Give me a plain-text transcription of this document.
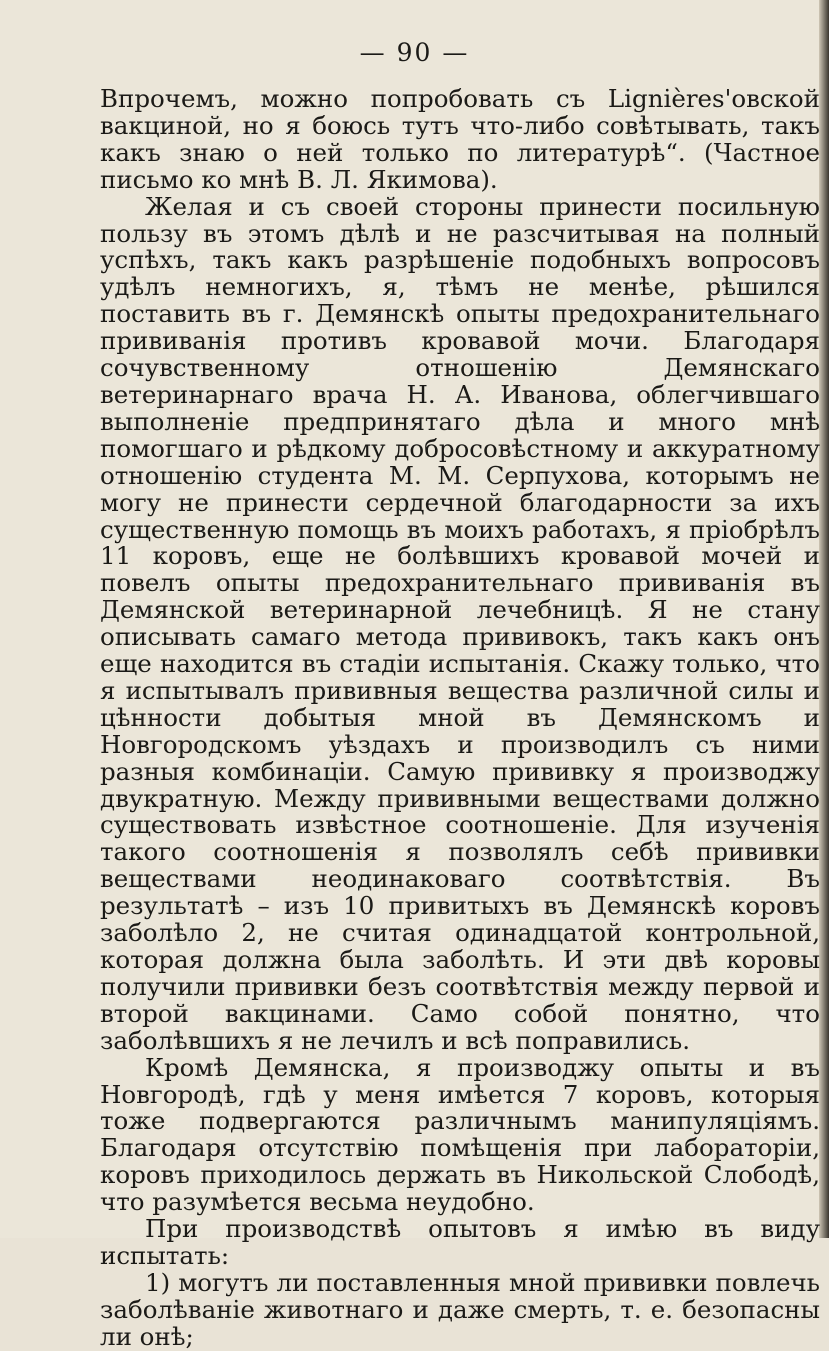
— 90 —

Впрочемъ, можно попробовать съ Lignières'овской вакциной, но я боюсь тутъ что-либо совѣтывать, такъ какъ знаю о ней только по литературѣ“. (Частное письмо ко мнѣ В. Л. Якимова).

Желая и съ своей стороны принести посильную пользу въ этомъ дѣлѣ и не разсчитывая на полный успѣхъ, такъ какъ разрѣшеніе подобныхъ вопросовъ удѣлъ немногихъ, я, тѣмъ не менѣе, рѣшился поставить въ г. Демянскѣ опыты предохранительнаго прививанія противъ кровавой мочи. Благодаря сочувственному отношенію Демянскаго ветеринарнаго врача Н. А. Иванова, облегчившаго выполненіе предпринятаго дѣла и много мнѣ помогшаго и рѣдкому добросовѣстному и аккуратному отношенію студента М. М. Серпухова, которымъ не могу не принести сердечной благодарности за ихъ существенную помощь въ моихъ работахъ, я пріобрѣлъ 11 коровъ, еще не болѣвшихъ кровавой мочей и повелъ опыты предохранительнаго прививанія въ Демянской ветеринарной лечебницѣ. Я не стану описывать самаго метода прививокъ, такъ какъ онъ еще находится въ стадіи испытанія. Скажу только, что я испытывалъ прививныя вещества различной силы и цѣнности добытыя мной въ Демянскомъ и Новгородскомъ уѣздахъ и производилъ съ ними разныя комбинаціи. Самую прививку я производжу двукратную. Между прививными веществами должно существовать извѣстное соотношеніе. Для изученія такого соотношенія я позволялъ себѣ прививки веществами неодинаковаго соотвѣтствія. Въ результатѣ – изъ 10 привитыхъ въ Демянскѣ коровъ заболѣло 2, не считая одинадцатой контрольной, которая должна была заболѣть. И эти двѣ коровы получили прививки безъ соотвѣтствія между первой и второй вакцинами. Само собой понятно, что заболѣвшихъ я не лечилъ и всѣ поправились.

Кромѣ Демянска, я производжу опыты и въ Новгородѣ, гдѣ у меня имѣется 7 коровъ, которыя тоже подвергаются различнымъ манипуляціямъ. Благодаря отсутствію помѣщенія при лабораторіи, коровъ приходилось держать въ Никольской Слободѣ, что разумѣется весьма неудобно.

При производствѣ опытовъ я имѣю въ виду испытать:

1) могутъ ли поставленныя мной прививки повлечь заболѣваніе животнаго и даже смерть, т. е. безопасны ли онѣ;
